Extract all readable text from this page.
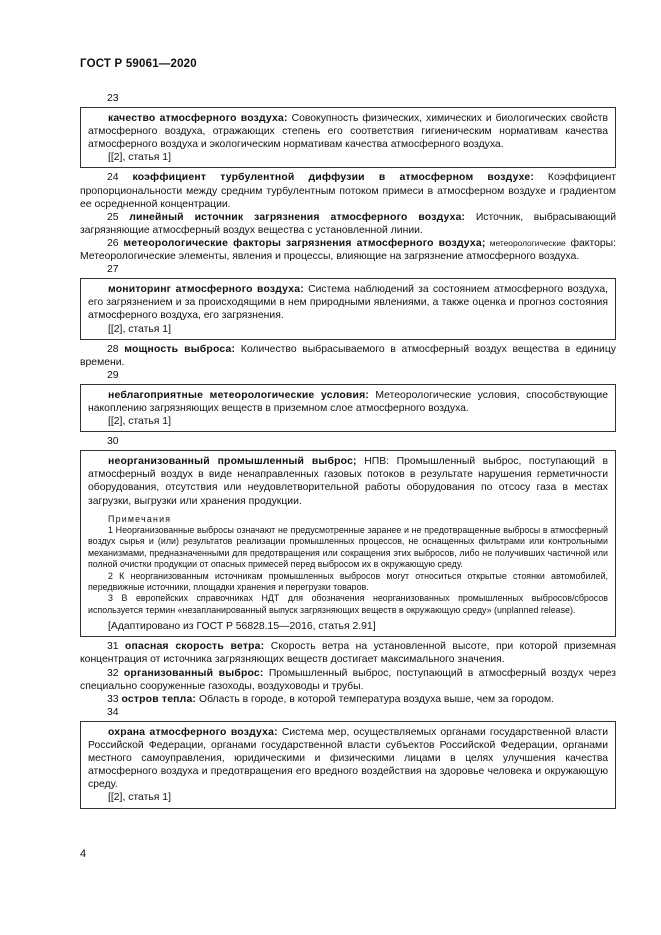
ГОСТ Р 59061—2020

23

качество атмосферного воздуха: Совокупность физических, химических и биологических свойств атмосферного воздуха, отражающих степень его соответствия гигиеническим нормативам качества атмосферного воздуха и экологическим нормативам качества атмосферного воздуха.

[[2], статья 1]

24 коэффициент турбулентной диффузии в атмосферном воздухе: Коэффициент пропорциональности между средним турбулентным потоком примеси в атмосферном воздухе и градиентом ее осредненной концентрации.

25 линейный источник загрязнения атмосферного воздуха: Источник, выбрасывающий загрязняющие атмосферный воздух вещества с установленной линии.

26 метеорологические факторы загрязнения атмосферного воздуха; метеорологические факторы: Метеорологические элементы, явления и процессы, влияющие на загрязнение атмосферного воздуха.

27

мониторинг атмосферного воздуха: Система наблюдений за состоянием атмосферного воздуха, его загрязнением и за происходящими в нем природными явлениями, а также оценка и прогноз состояния атмосферного воздуха, его загрязнения.

[[2], статья 1]

28 мощность выброса: Количество выбрасываемого в атмосферный воздух вещества в единицу времени.

29

неблагоприятные метеорологические условия: Метеорологические условия, способствующие накоплению загрязняющих веществ в приземном слое атмосферного воздуха.

[[2], статья 1]

30

неорганизованный промышленный выброс; НПВ: Промышленный выброс, поступающий в атмосферный воздух в виде ненаправленных газовых потоков в результате нарушения герметичности оборудования, отсутствия или неудовлетворительной работы оборудования по отсосу газа в местах загрузки, выгрузки или хранения продукции.

Примечания

1 Неорганизованные выбросы означают не предусмотренные заранее и не предотвращенные выбросы в атмосферный воздух сырья и (или) результатов реализации промышленных процессов, не оснащенных фильтрами или контрольными механизмами, предназначенными для предотвращения или сокращения этих выбросов, либо не получивших частичной или полной очистки продукции от опасных примесей перед выбросом их в окружающую среду.

2 К неорганизованным источникам промышленных выбросов могут относиться открытые стоянки автомобилей, передвижные источники, площадки хранения и перегрузки товаров.

3 В европейских справочниках НДТ для обозначения неорганизованных промышленных выбросов/сбросов используется термин «незапланированный выпуск загрязняющих веществ в окружающую среду» (unplanned release).

[Адаптировано из ГОСТ Р 56828.15—2016, статья 2.91]

31 опасная скорость ветра: Скорость ветра на установленной высоте, при которой приземная концентрация от источника загрязняющих веществ достигает максимального значения.

32 организованный выброс: Промышленный выброс, поступающий в атмосферный воздух через специально сооруженные газоходы, воздуховоды и трубы.

33 остров тепла: Область в городе, в которой температура воздуха выше, чем за городом.

34

охрана атмосферного воздуха: Система мер, осуществляемых органами государственной власти Российской Федерации, органами государственной власти субъектов Российской Федерации, органами местного самоуправления, юридическими и физическими лицами в целях улучшения качества атмосферного воздуха и предотвращения его вредного воздействия на здоровье человека и окружающую среду.

[[2], статья 1]

4
